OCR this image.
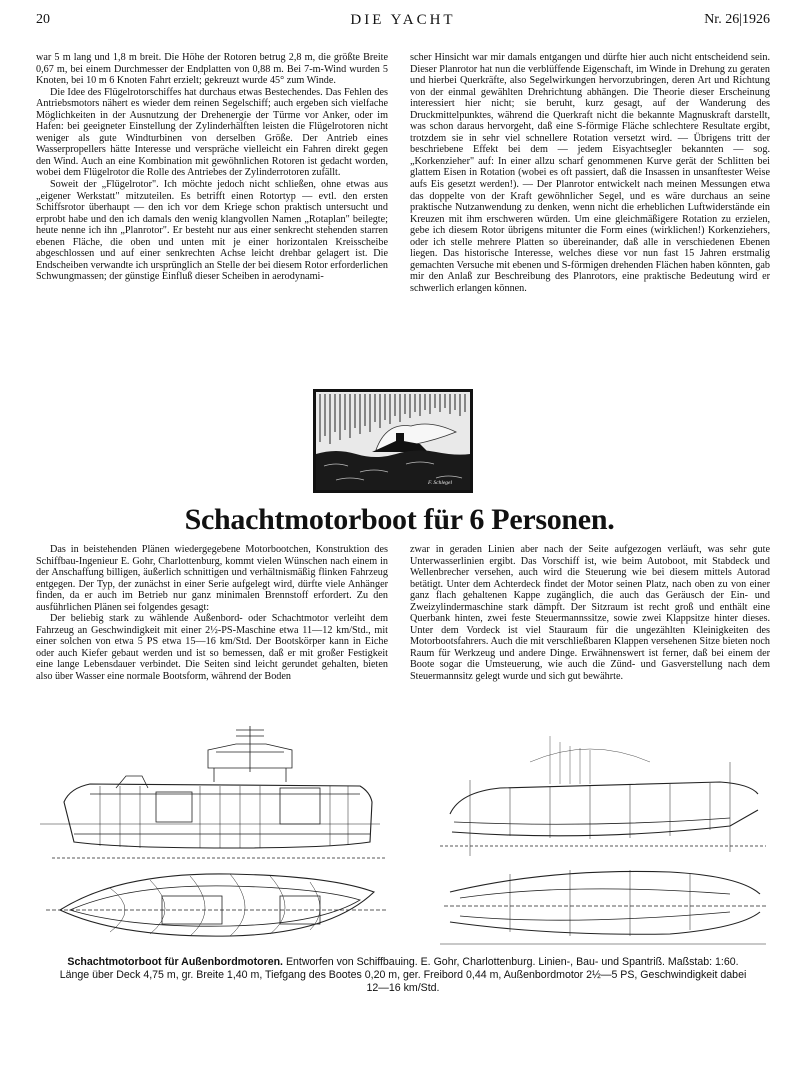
20	DIE YACHT	Nr. 26|1926

war 5 m lang und 1,8 m breit. Die Höhe der Rotoren betrug 2,8 m, die größte Breite 0,67 m, bei einem Durchmesser der Endplatten von 0,88 m. Bei 7-m-Wind wurden 5 Knoten, bei 10 m 6 Knoten Fahrt erzielt; gekreuzt wurde 45° zum Winde.

Die Idee des Flügelrotorschiffes hat durchaus etwas Bestechendes. Das Fehlen des Antriebsmotors nähert es wieder dem reinen Segelschiff; auch ergeben sich vielfache Möglichkeiten in der Ausnutzung der Drehenergie der Türme vor Anker, oder im Hafen: bei geeigneter Einstellung der Zylinderhälften leisten die Flügelrotoren nicht weniger als gute Windturbinen von derselben Größe. Der Antrieb eines Wasserpropellers hätte Interesse und verspräche vielleicht ein Fahren direkt gegen den Wind. Auch an eine Kombination mit gewöhnlichen Rotoren ist gedacht worden, wobei dem Flügelrotor die Rolle des Antriebes der Zylinderrotoren zufällt.

Soweit der „Flügelrotor". Ich möchte jedoch nicht schließen, ohne etwas aus „eigener Werkstatt" mitzuteilen. Es betrifft einen Rotortyp — evtl. den ersten Schiffsrotor überhaupt — den ich vor dem Kriege schon praktisch untersucht und erprobt habe und den ich damals den wenig klangvollen Namen „Rotaplan" beilegte; heute nenne ich ihn „Planrotor". Er besteht nur aus einer senkrecht stehenden starren ebenen Fläche, die oben und unten mit je einer horizontalen Kreisscheibe abgeschlossen und auf einer senkrechten Achse leicht drehbar gelagert ist. Die Endscheiben verwandte ich ursprünglich an Stelle der bei diesem Rotor erforderlichen Schwungmassen; der günstige Einfluß dieser Scheiben in aerodynami-

scher Hinsicht war mir damals entgangen und dürfte hier auch nicht entscheidend sein. Dieser Planrotor hat nun die verblüffende Eigenschaft, im Winde in Drehung zu geraten und hierbei Querkräfte, also Segelwirkungen hervorzubringen, deren Art und Richtung von der einmal gewählten Drehrichtung abhängen. Die Theorie dieser Erscheinung interessiert hier nicht; sie beruht, kurz gesagt, auf der Wanderung des Druckmittelpunktes, während die Querkraft nicht die bekannte Magnuskraft darstellt, was schon daraus hervorgeht, daß eine S-förmige Fläche schlechtere Resultate ergibt, trotzdem sie in sehr viel schnellere Rotation versetzt wird. — Übrigens tritt der beschriebene Effekt bei dem — jedem Eisyachtsegler bekannten — sog. „Korkenzieher" auf: In einer allzu scharf genommenen Kurve gerät der Schlitten bei glattem Eisen in Rotation (wobei es oft passiert, daß die Insassen in unsanftester Weise aufs Eis gesetzt werden!). — Der Planrotor entwickelt nach meinen Messungen etwa das doppelte von der Kraft gewöhnlicher Segel, und es wäre durchaus an seine praktische Nutzanwendung zu denken, wenn nicht die erheblichen Luftwiderstände ein Kreuzen mit ihm erschweren würden. Um eine gleichmäßigere Rotation zu erzielen, gebe ich diesem Rotor übrigens mitunter die Form eines (wirklichen!) Korkenziehers, oder ich stelle mehrere Platten so übereinander, daß alle in verschiedenen Ebenen liegen. Das historische Interesse, welches diese vor nun fast 15 Jahren erstmalig gemachten Versuche mit ebenen und S-förmigen drehenden Flächen haben könnten, gab mir den Anlaß zur Beschreibung des Planrotors, eine praktische Bedeutung wird er schwerlich erlangen können.

F. Schlegel
Schachtmotorboot für 6 Personen.

Das in beistehenden Plänen wiedergegebene Motorbootchen, Konstruktion des Schiffbau-Ingenieur E. Gohr, Charlottenburg, kommt vielen Wünschen nach einem in der Anschaffung billigen, äußerlich schnittigen und verhältnismäßig flinken Fahrzeug entgegen. Der Typ, der zunächst in einer Serie aufgelegt wird, dürfte viele Anhänger finden, da er auch im Betrieb nur ganz minimalen Brennstoff erfordert. Zu den ausführlichen Plänen sei folgendes gesagt:

Der beliebig stark zu wählende Außenbord- oder Schachtmotor verleiht dem Fahrzeug an Geschwindigkeit mit einer 2½-PS-Maschine etwa 11—12 km/Std., mit einer solchen von etwa 5 PS etwa 15—16 km/Std. Der Bootskörper kann in Eiche oder auch Kiefer gebaut werden und ist so bemessen, daß er mit großer Festigkeit eine lange Lebensdauer verbindet. Die Seiten sind leicht gerundet gehalten, bieten also über Wasser eine normale Bootsform, während der Boden

zwar in geraden Linien aber nach der Seite aufgezogen verläuft, was sehr gute Unterwasserlinien ergibt. Das Vorschiff ist, wie beim Autoboot, mit Stabdeck und Wellenbrecher versehen, auch wird die Steuerung wie bei diesem mittels Autorad betätigt. Unter dem Achterdeck findet der Motor seinen Platz, nach oben zu von einer ganz flach gehaltenen Kappe zugänglich, die auch das Geräusch der Ein- und Zweizylindermaschine stark dämpft. Der Sitzraum ist recht groß und enthält eine Querbank hinten, zwei feste Steuermannssitze, sowie zwei Klappsitze hinter dieses. Unter dem Vordeck ist viel Stauraum für die ungezählten Kleinigkeiten des Motorbootsfahrers. Auch die mit verschließbaren Klappen versehenen Sitze bieten noch Raum für Werkzeug und andere Dinge. Erwähnenswert ist ferner, daß bei einem der Boote sogar die Umsteuerung, wie auch die Zünd- und Gasverstellung nach dem Steuermannsitz gelegt wurde und sich gut bewährte.

Schachtmotorboot für Außenbordmotoren. Entworfen von Schiffbauing. E. Gohr, Charlottenburg. Linien-, Bau- und Spantriß. Maßstab: 1:60. Länge über Deck 4,75 m, gr. Breite 1,40 m, Tiefgang des Bootes 0,20 m, ger. Freibord 0,44 m, Außenbordmotor 2½—5 PS, Geschwindigkeit dabei 12—16 km/Std.
